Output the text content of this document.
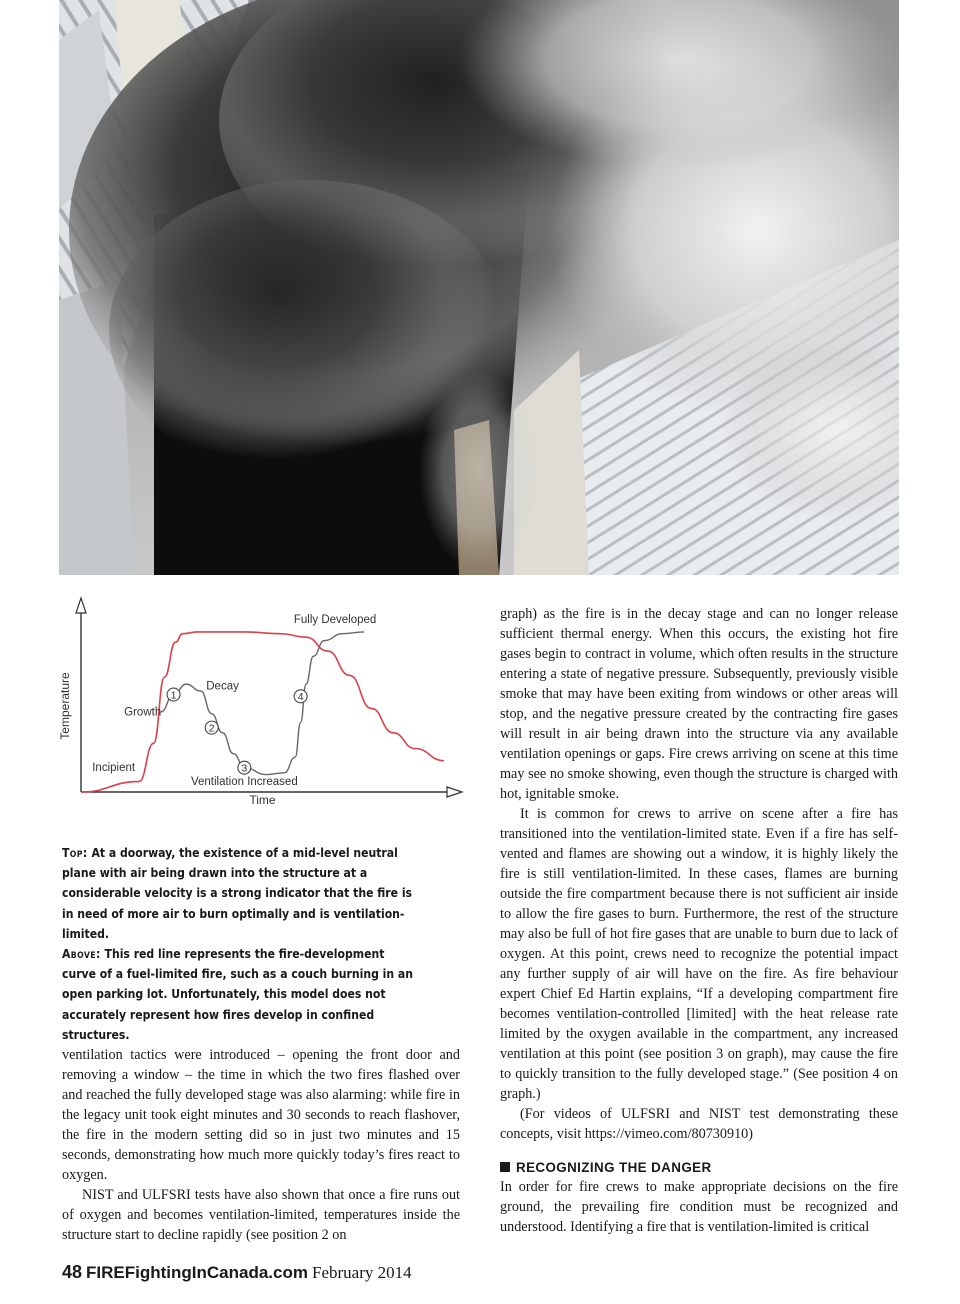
Time
Temperature
Fully Developed
Decay
Growth
Incipient
Ventilation Increased
1
2
3
4

Top: At a doorway, the existence of a mid-level neutral plane with air being drawn into the structure at a considerable velocity is a strong indicator that the fire is in need of more air to burn optimally and is ventilation-limited.

Above: This red line represents the fire-development curve of a fuel-limited fire, such as a couch burning in an open parking lot. Unfortunately, this model does not accurately represent how fires develop in confined structures.

ventilation tactics were introduced – opening the front door and removing a window – the time in which the two fires flashed over and reached the fully developed stage was also alarming: while fire in the legacy unit took eight minutes and 30 seconds to reach flashover, the fire in the modern setting did so in just two minutes and 15 seconds, demonstrating how much more quickly today’s fires react to oxygen.

NIST and ULFSRI tests have also shown that once a fire runs out of oxygen and becomes ventilation-limited, temperatures inside the structure start to decline rapidly (see position 2 on

graph) as the fire is in the decay stage and can no longer release sufficient thermal energy. When this occurs, the existing hot fire gases begin to contract in volume, which often results in the structure entering a state of negative pressure. Subsequently, previously visible smoke that may have been exiting from windows or other areas will stop, and the negative pressure created by the contracting fire gases will result in air being drawn into the structure via any available ventilation openings or gaps. Fire crews arriving on scene at this time may see no smoke showing, even though the structure is charged with hot, ignitable smoke.

It is common for crews to arrive on scene after a fire has transitioned into the ventilation-limited state. Even if a fire has self-vented and flames are showing out a window, it is highly likely the fire is still ventilation-limited. In these cases, flames are burning outside the fire compartment because there is not sufficient air inside to allow the fire gases to burn. Furthermore, the rest of the structure may also be full of hot fire gases that are unable to burn due to lack of oxygen. At this point, crews need to recognize the potential impact any further supply of air will have on the fire. As fire behaviour expert Chief Ed Hartin explains, “If a developing compartment fire becomes ventilation-controlled [limited] with the heat release rate limited by the oxygen available in the compartment, any increased ventilation at this point (see position 3 on graph), may cause the fire to quickly transition to the fully developed stage.” (See position 4 on graph.)

(For videos of ULFSRI and NIST test demonstrating these concepts, visit https://vimeo.com/80730910)

RECOGNIZING THE DANGER

In order for fire crews to make appropriate decisions on the fire ground, the prevailing fire condition must be recognized and understood. Identifying a fire that is ventilation-limited is critical

48 FIREFightingInCanada.com February 2014
